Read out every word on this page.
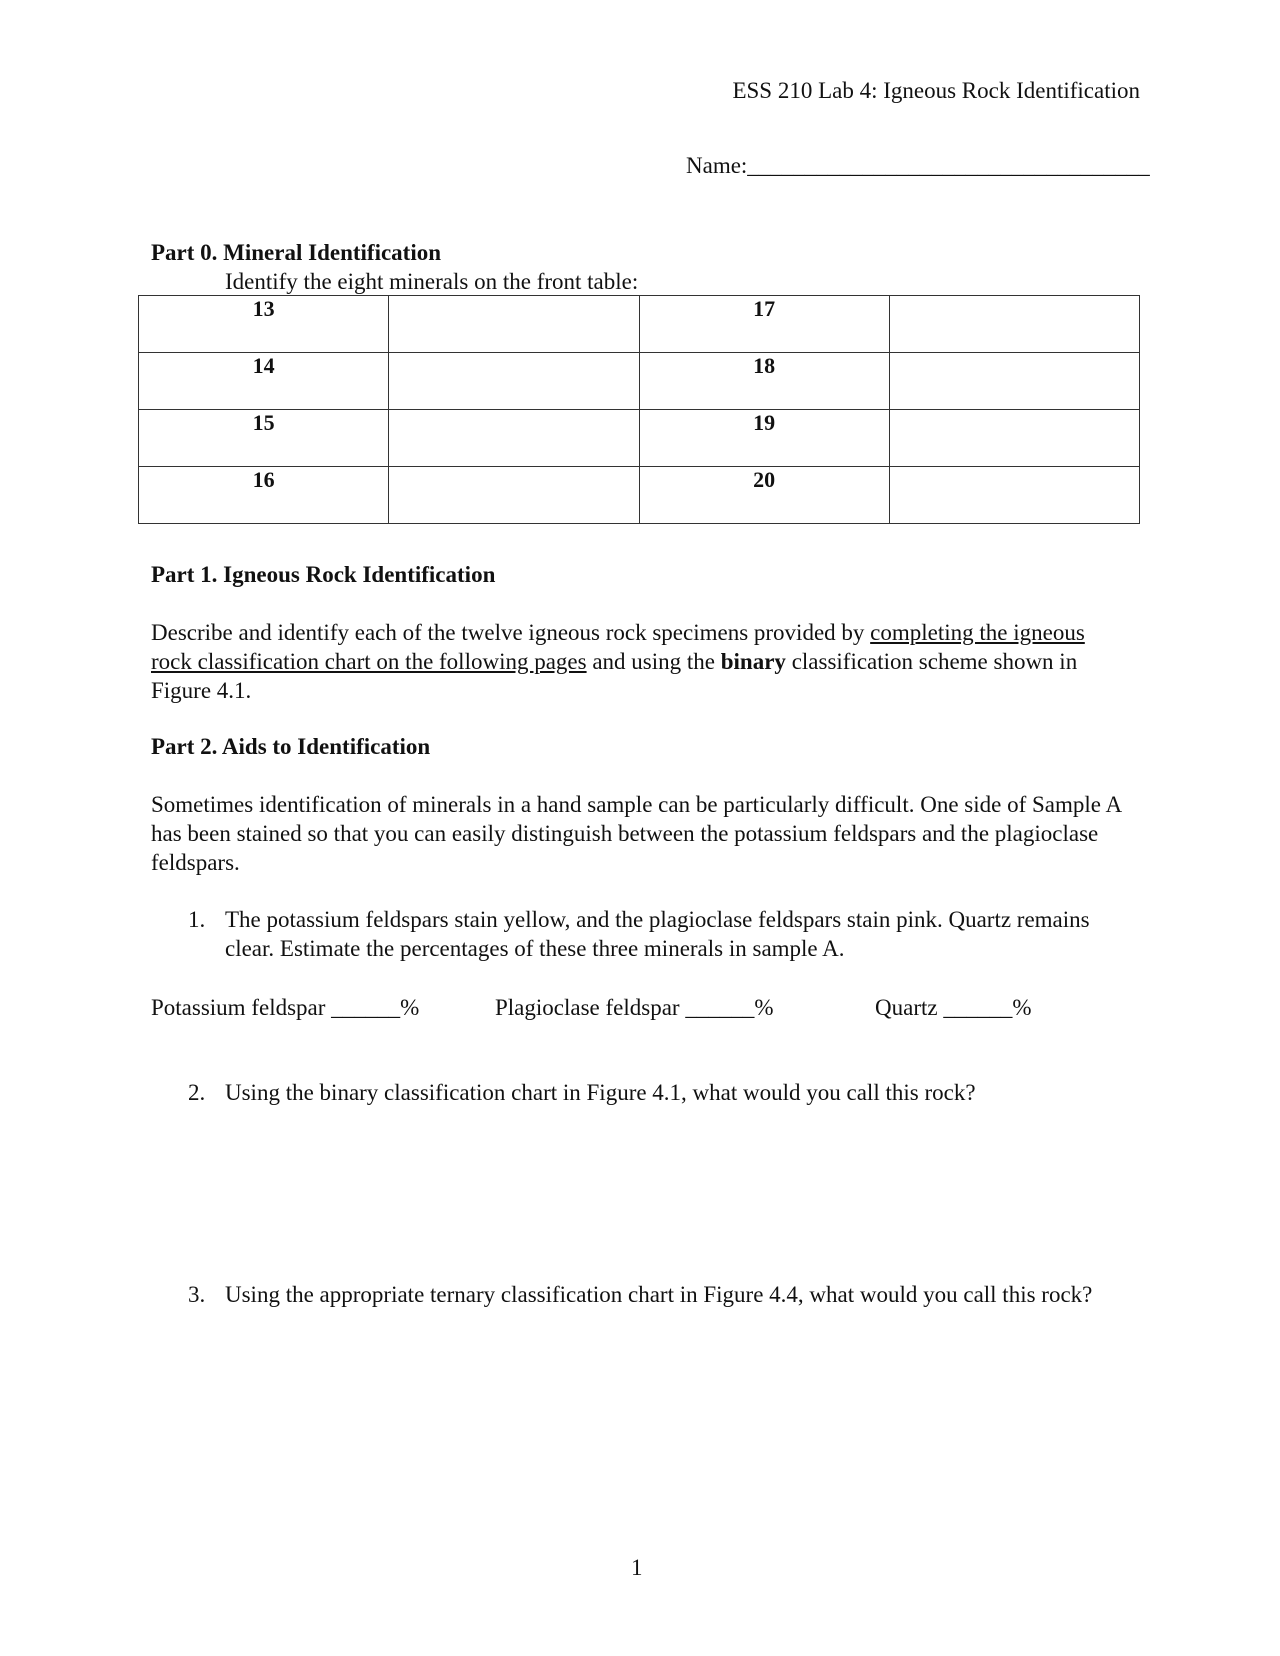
ESS 210 Lab 4: Igneous Rock Identification
Name:___________________________________
Part 0. Mineral Identification
Identify the eight minerals on the front table:
13		17	
14		18	
15		19	
16		20	
Part 1. Igneous Rock Identification
Describe and identify each of the twelve igneous rock specimens provided by completing the igneous rock classification chart on the following pages and using the binary classification scheme shown in Figure 4.1.
Part 2. Aids to Identification
Sometimes identification of minerals in a hand sample can be particularly difficult. One side of Sample A has been stained so that you can easily distinguish between the potassium feldspars and the plagioclase feldspars.
1. The potassium feldspars stain yellow, and the plagioclase feldspars stain pink. Quartz remains clear. Estimate the percentages of these three minerals in sample A.
Potassium feldspar ______%	Plagioclase feldspar ______%	Quartz ______%
2. Using the binary classification chart in Figure 4.1, what would you call this rock?
3. Using the appropriate ternary classification chart in Figure 4.4, what would you call this rock?
1
